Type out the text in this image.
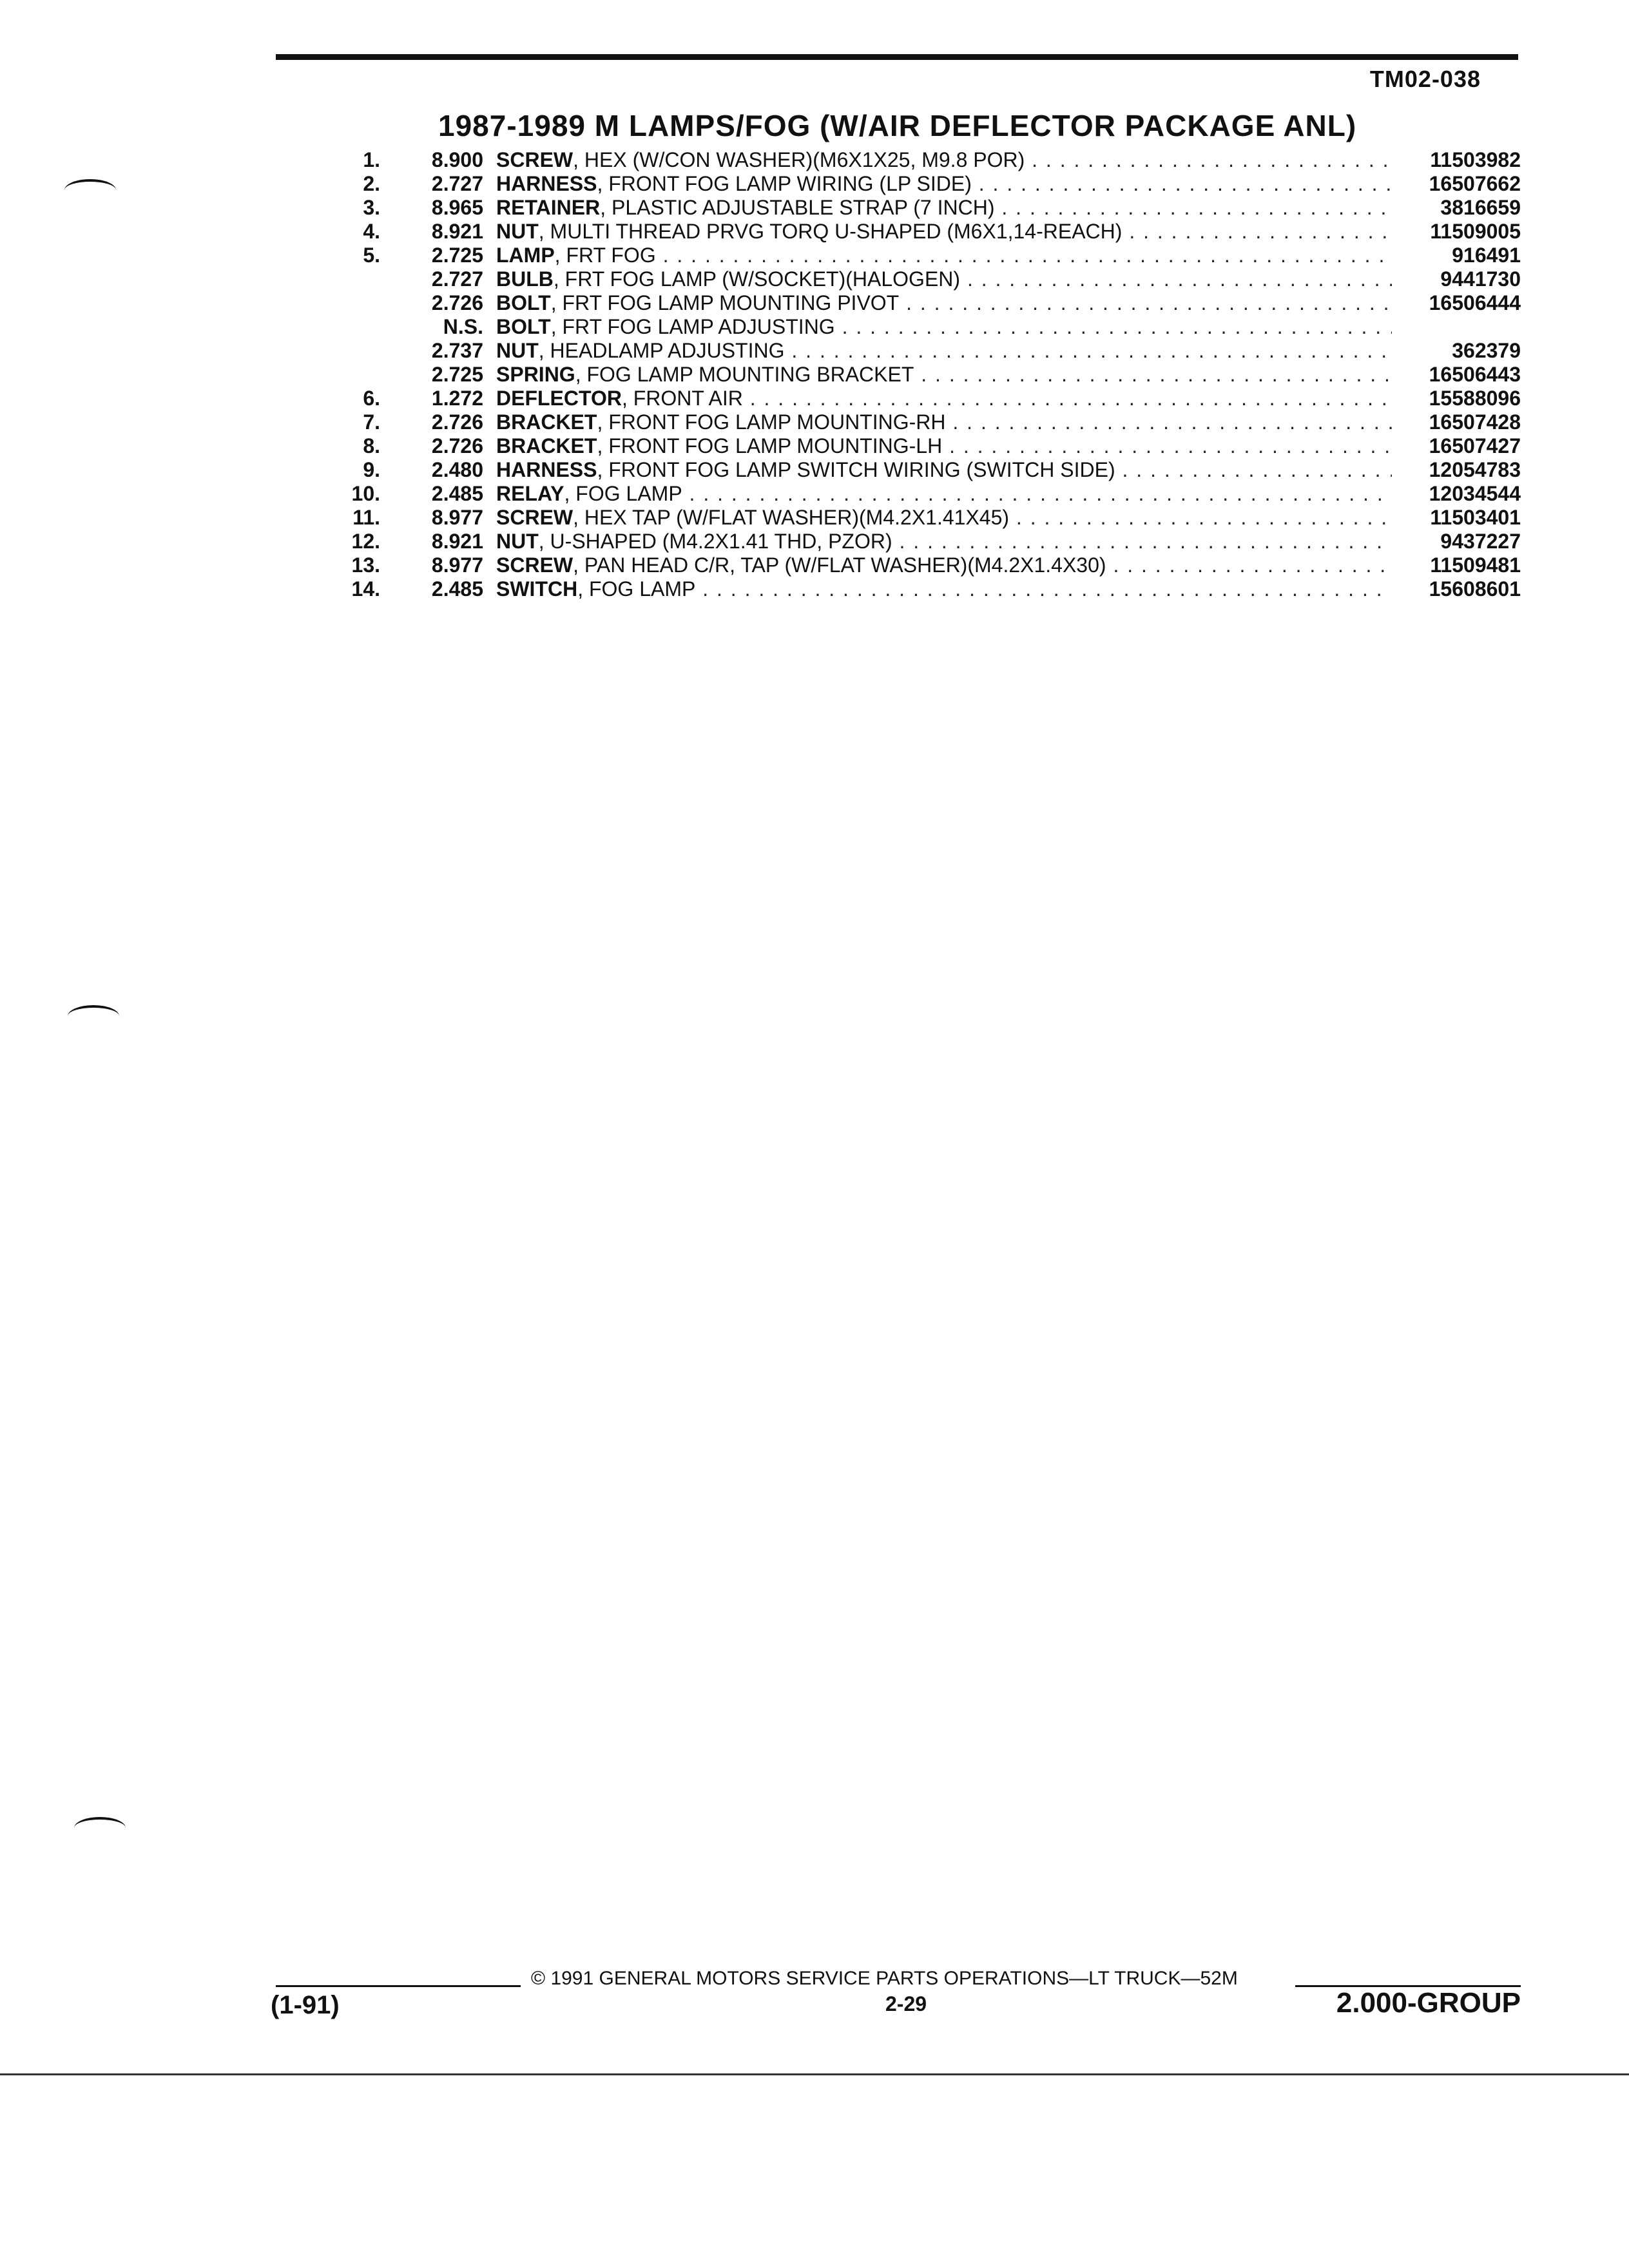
TM02-038
1987-1989 M LAMPS/FOG (W/AIR DEFLECTOR PACKAGE ANL)
1.	8.900 SCREW, HEX (W/CON WASHER)(M6X1X25, M9.8 POR) . . .	11503982
2.	2.727 HARNESS, FRONT FOG LAMP WIRING (LP SIDE) . . .	16507662
3.	8.965 RETAINER, PLASTIC ADJUSTABLE STRAP (7 INCH) . . .	3816659
4.	8.921 NUT, MULTI THREAD PRVG TORQ U-SHAPED (M6X1,14-REACH) . . .	11509005
5.	2.725 LAMP, FRT FOG . . .	916491
2.727 BULB, FRT FOG LAMP (W/SOCKET)(HALOGEN) . . .	9441730
2.726 BOLT, FRT FOG LAMP MOUNTING PIVOT . . .	16506444
N.S. BOLT, FRT FOG LAMP ADJUSTING . . .
2.737 NUT, HEADLAMP ADJUSTING . . .	362379
2.725 SPRING, FOG LAMP MOUNTING BRACKET . . .	16506443
6.	1.272 DEFLECTOR, FRONT AIR . . .	15588096
7.	2.726 BRACKET, FRONT FOG LAMP MOUNTING-RH . . .	16507428
8.	2.726 BRACKET, FRONT FOG LAMP MOUNTING-LH . . .	16507427
9.	2.480 HARNESS, FRONT FOG LAMP SWITCH WIRING (SWITCH SIDE) . . .	12054783
10.	2.485 RELAY, FOG LAMP . . .	12034544
11.	8.977 SCREW, HEX TAP (W/FLAT WASHER)(M4.2X1.41X45) . . .	11503401
12.	8.921 NUT, U-SHAPED (M4.2X1.41 THD, PZOR) . . .	9437227
13.	8.977 SCREW, PAN HEAD C/R, TAP (W/FLAT WASHER)(M4.2X1.4X30) . . .	11509481
14.	2.485 SWITCH, FOG LAMP . . .	15608601
© 1991 GENERAL MOTORS SERVICE PARTS OPERATIONS—LT TRUCK—52M
(1-91)	2-29	2.000-GROUP
